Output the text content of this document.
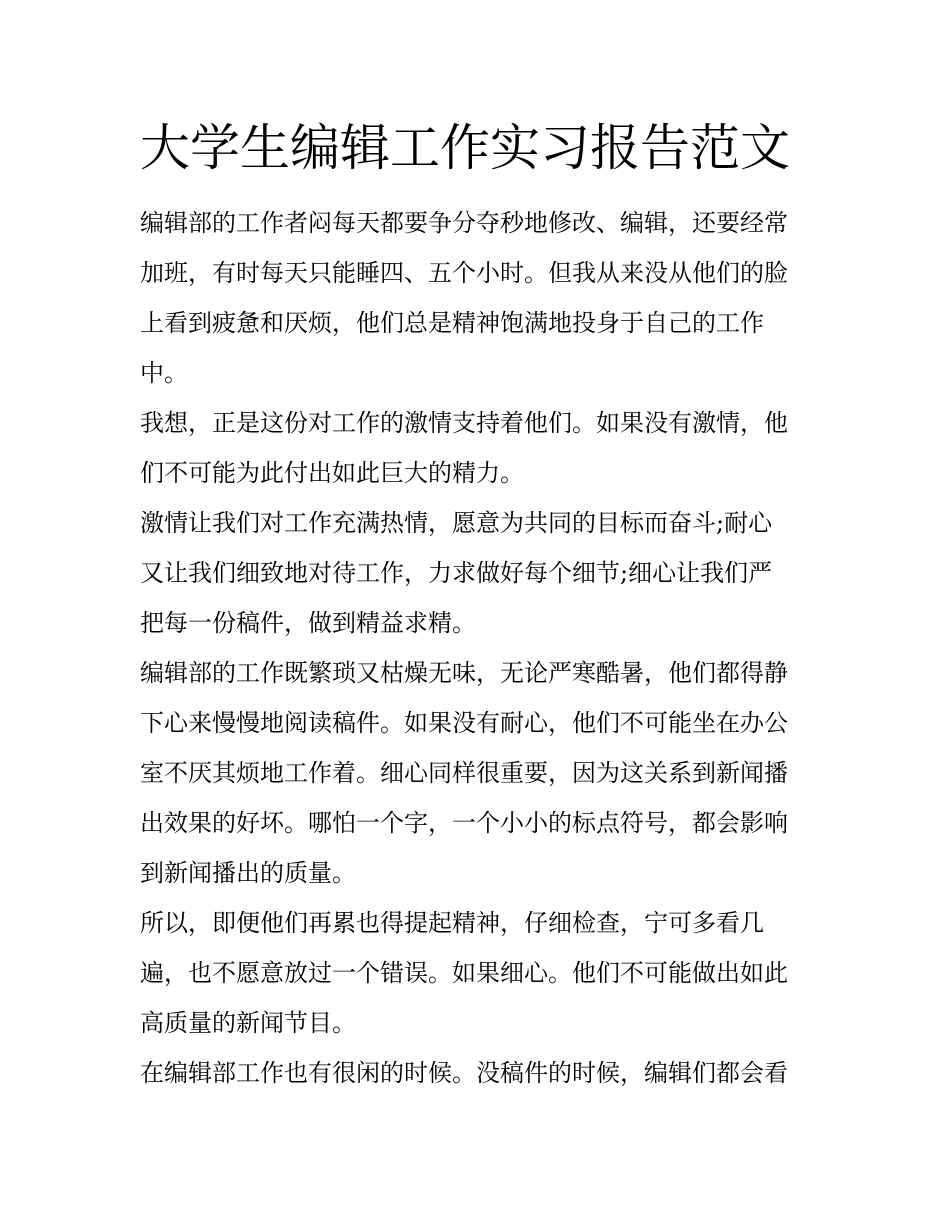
大学生编辑工作实习报告范文
编辑部的工作者闷每天都要争分夺秒地修改、编辑，还要经常
加班，有时每天只能睡四、五个小时。但我从来没从他们的脸
上看到疲惫和厌烦，他们总是精神饱满地投身于自己的工作
中。
我想，正是这份对工作的激情支持着他们。如果没有激情，他
们不可能为此付出如此巨大的精力。
激情让我们对工作充满热情，愿意为共同的目标而奋斗;耐心
又让我们细致地对待工作，力求做好每个细节;细心让我们严
把每一份稿件，做到精益求精。
编辑部的工作既繁琐又枯燥无味，无论严寒酷暑，他们都得静
下心来慢慢地阅读稿件。如果没有耐心，他们不可能坐在办公
室不厌其烦地工作着。细心同样很重要，因为这关系到新闻播
出效果的好坏。哪怕一个字，一个小小的标点符号，都会影响
到新闻播出的质量。
所以，即便他们再累也得提起精神，仔细检查，宁可多看几
遍，也不愿意放过一个错误。如果细心。他们不可能做出如此
高质量的新闻节目。
在编辑部工作也有很闲的时候。没稿件的时候，编辑们都会看
